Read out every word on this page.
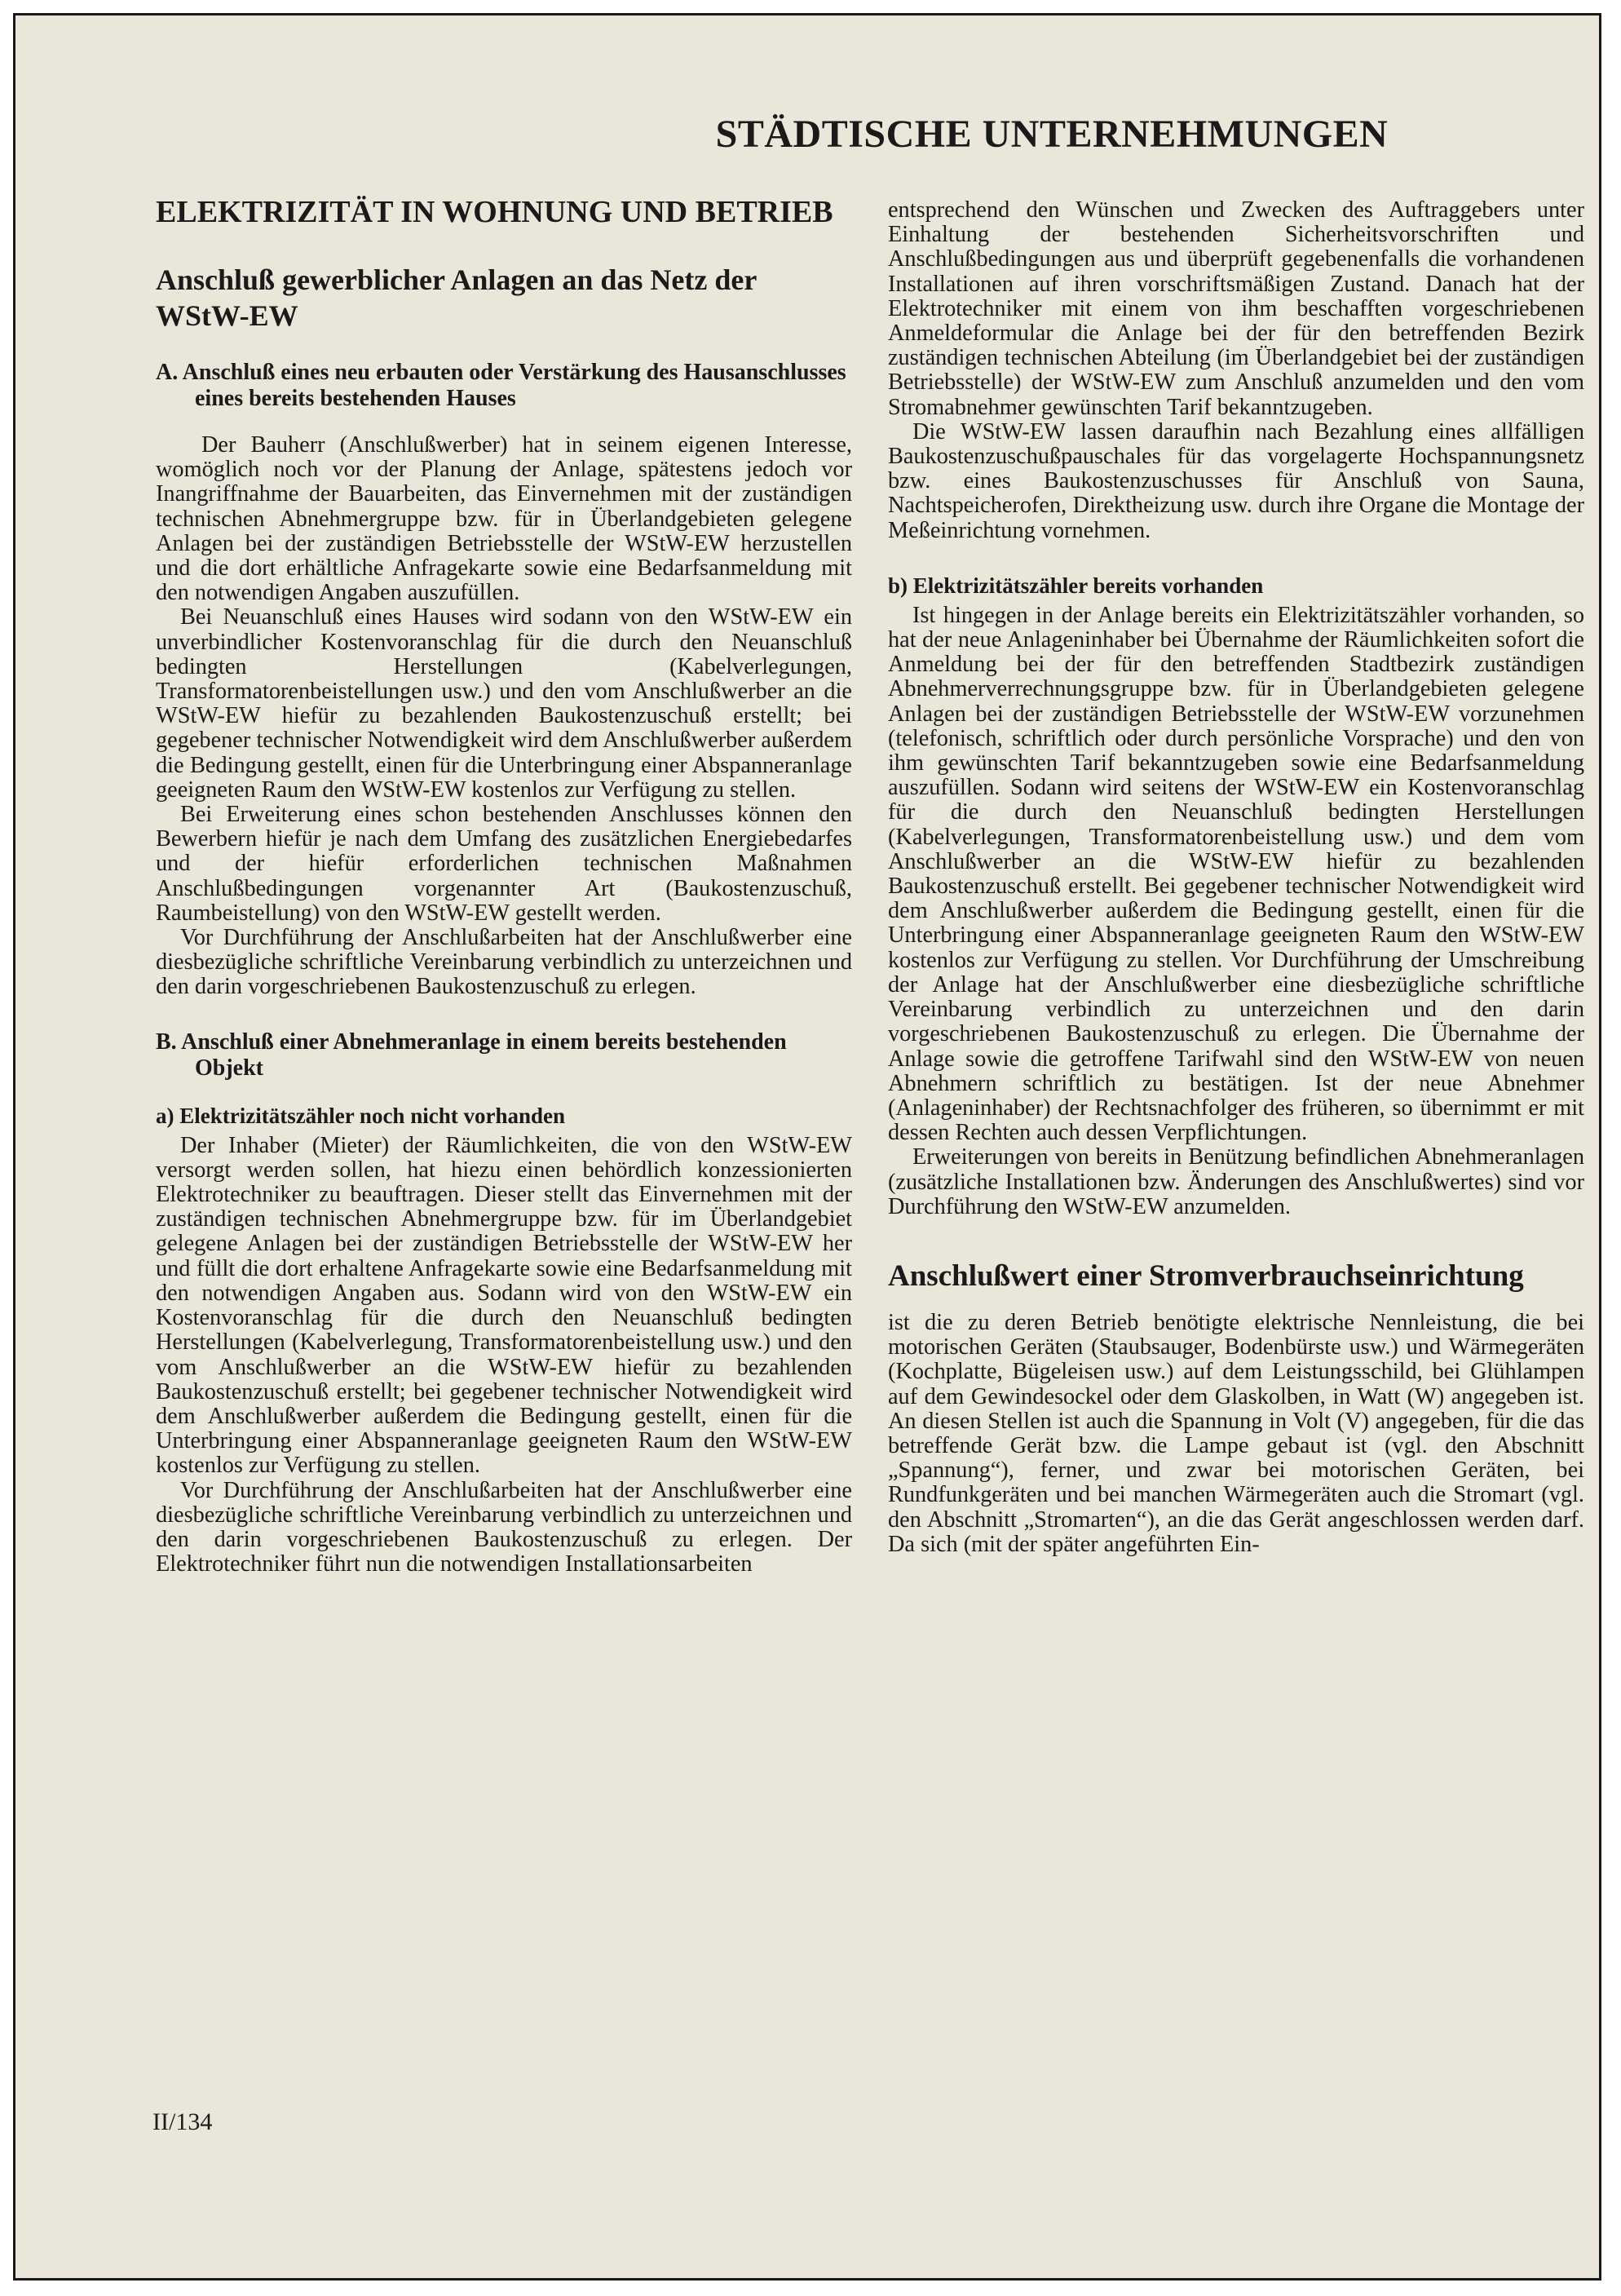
STÄDTISCHE UNTERNEHMUNGEN
ELEKTRIZITÄT IN WOHNUNG UND BETRIEB
Anschluß gewerblicher Anlagen an das Netz der WStW-EW
A. Anschluß eines neu erbauten oder Verstärkung des Hausanschlusses eines bereits bestehenden Hauses

Der Bauherr (Anschlußwerber) hat in seinem eigenen Interesse, womöglich noch vor der Planung der Anlage, spätestens jedoch vor Inangriffnahme der Bauarbeiten, das Einvernehmen mit der zuständigen technischen Abnehmergruppe bzw. für in Überlandgebieten gelegene Anlagen bei der zuständigen Betriebsstelle der WStW-EW herzustellen und die dort erhältliche Anfragekarte sowie eine Bedarfsanmeldung mit den notwendigen Angaben auszufüllen.

Bei Neuanschluß eines Hauses wird sodann von den WStW-EW ein unverbindlicher Kostenvoranschlag für die durch den Neuanschluß bedingten Herstellungen (Kabelverlegungen, Transformatorenbeistellungen usw.) und den vom Anschlußwerber an die WStW-EW hiefür zu bezahlenden Baukostenzuschuß erstellt; bei gegebener technischer Notwendigkeit wird dem Anschlußwerber außerdem die Bedingung gestellt, einen für die Unterbringung einer Abspanneranlage geeigneten Raum den WStW-EW kostenlos zur Verfügung zu stellen.

Bei Erweiterung eines schon bestehenden Anschlusses können den Bewerbern hiefür je nach dem Umfang des zusätzlichen Energiebedarfes und der hiefür erforderlichen technischen Maßnahmen Anschlußbedingungen vorgenannter Art (Baukostenzuschuß, Raumbeistellung) von den WStW-EW gestellt werden.

Vor Durchführung der Anschlußarbeiten hat der Anschlußwerber eine diesbezügliche schriftliche Vereinbarung verbindlich zu unterzeichnen und den darin vorgeschriebenen Baukostenzuschuß zu erlegen.

B. Anschluß einer Abnehmeranlage in einem bereits bestehenden Objekt
a) Elektrizitätszähler noch nicht vorhanden

Der Inhaber (Mieter) der Räumlichkeiten, die von den WStW-EW versorgt werden sollen, hat hiezu einen behördlich konzessionierten Elektrotechniker zu beauftragen. Dieser stellt das Einvernehmen mit der zuständigen technischen Abnehmergruppe bzw. für im Überlandgebiet gelegene Anlagen bei der zuständigen Betriebsstelle der WStW-EW her und füllt die dort erhaltene Anfragekarte sowie eine Bedarfsanmeldung mit den notwendigen Angaben aus. Sodann wird von den WStW-EW ein Kostenvoranschlag für die durch den Neuanschluß bedingten Herstellungen (Kabelverlegung, Transformatorenbeistellung usw.) und den vom Anschlußwerber an die WStW-EW hiefür zu bezahlenden Baukostenzuschuß erstellt; bei gegebener technischer Notwendigkeit wird dem Anschlußwerber außerdem die Bedingung gestellt, einen für die Unterbringung einer Abspanneranlage geeigneten Raum den WStW-EW kostenlos zur Verfügung zu stellen.

Vor Durchführung der Anschlußarbeiten hat der Anschlußwerber eine diesbezügliche schriftliche Vereinbarung verbindlich zu unterzeichnen und den darin vorgeschriebenen Baukostenzuschuß zu erlegen. Der Elektrotechniker führt nun die notwendigen Installationsarbeiten

entsprechend den Wünschen und Zwecken des Auftraggebers unter Einhaltung der bestehenden Sicherheitsvorschriften und Anschlußbedingungen aus und überprüft gegebenenfalls die vorhandenen Installationen auf ihren vorschriftsmäßigen Zustand. Danach hat der Elektrotechniker mit einem von ihm beschafften vorgeschriebenen Anmeldeformular die Anlage bei der für den betreffenden Bezirk zuständigen technischen Abteilung (im Überlandgebiet bei der zuständigen Betriebsstelle) der WStW-EW zum Anschluß anzumelden und den vom Stromabnehmer gewünschten Tarif bekanntzugeben.

Die WStW-EW lassen daraufhin nach Bezahlung eines allfälligen Baukostenzuschußpauschales für das vorgelagerte Hochspannungsnetz bzw. eines Baukostenzuschusses für Anschluß von Sauna, Nachtspeicherofen, Direktheizung usw. durch ihre Organe die Montage der Meßeinrichtung vornehmen.

b) Elektrizitätszähler bereits vorhanden

Ist hingegen in der Anlage bereits ein Elektrizitätszähler vorhanden, so hat der neue Anlageninhaber bei Übernahme der Räumlichkeiten sofort die Anmeldung bei der für den betreffenden Stadtbezirk zuständigen Abnehmerverrechnungsgruppe bzw. für in Überlandgebieten gelegene Anlagen bei der zuständigen Betriebsstelle der WStW-EW vorzunehmen (telefonisch, schriftlich oder durch persönliche Vorsprache) und den von ihm gewünschten Tarif bekanntzugeben sowie eine Bedarfsanmeldung auszufüllen. Sodann wird seitens der WStW-EW ein Kostenvoranschlag für die durch den Neuanschluß bedingten Herstellungen (Kabelverlegungen, Transformatorenbeistellung usw.) und dem vom Anschlußwerber an die WStW-EW hiefür zu bezahlenden Baukostenzuschuß erstellt. Bei gegebener technischer Notwendigkeit wird dem Anschlußwerber außerdem die Bedingung gestellt, einen für die Unterbringung einer Abspanneranlage geeigneten Raum den WStW-EW kostenlos zur Verfügung zu stellen. Vor Durchführung der Umschreibung der Anlage hat der Anschlußwerber eine diesbezügliche schriftliche Vereinbarung verbindlich zu unterzeichnen und den darin vorgeschriebenen Baukostenzuschuß zu erlegen. Die Übernahme der Anlage sowie die getroffene Tarifwahl sind den WStW-EW von neuen Abnehmern schriftlich zu bestätigen. Ist der neue Abnehmer (Anlageninhaber) der Rechtsnachfolger des früheren, so übernimmt er mit dessen Rechten auch dessen Verpflichtungen.

Erweiterungen von bereits in Benützung befindlichen Abnehmeranlagen (zusätzliche Installationen bzw. Änderungen des Anschlußwertes) sind vor Durchführung den WStW-EW anzumelden.

Anschlußwert einer Stromverbrauchseinrichtung

ist die zu deren Betrieb benötigte elektrische Nennleistung, die bei motorischen Geräten (Staubsauger, Bodenbürste usw.) und Wärmegeräten (Kochplatte, Bügeleisen usw.) auf dem Leistungsschild, bei Glühlampen auf dem Gewindesockel oder dem Glaskolben, in Watt (W) angegeben ist. An diesen Stellen ist auch die Spannung in Volt (V) angegeben, für die das betreffende Gerät bzw. die Lampe gebaut ist (vgl. den Abschnitt „Spannung“), ferner, und zwar bei motorischen Geräten, bei Rundfunkgeräten und bei manchen Wärmegeräten auch die Stromart (vgl. den Abschnitt „Stromarten“), an die das Gerät angeschlossen werden darf. Da sich (mit der später angeführten Ein-

II/134
